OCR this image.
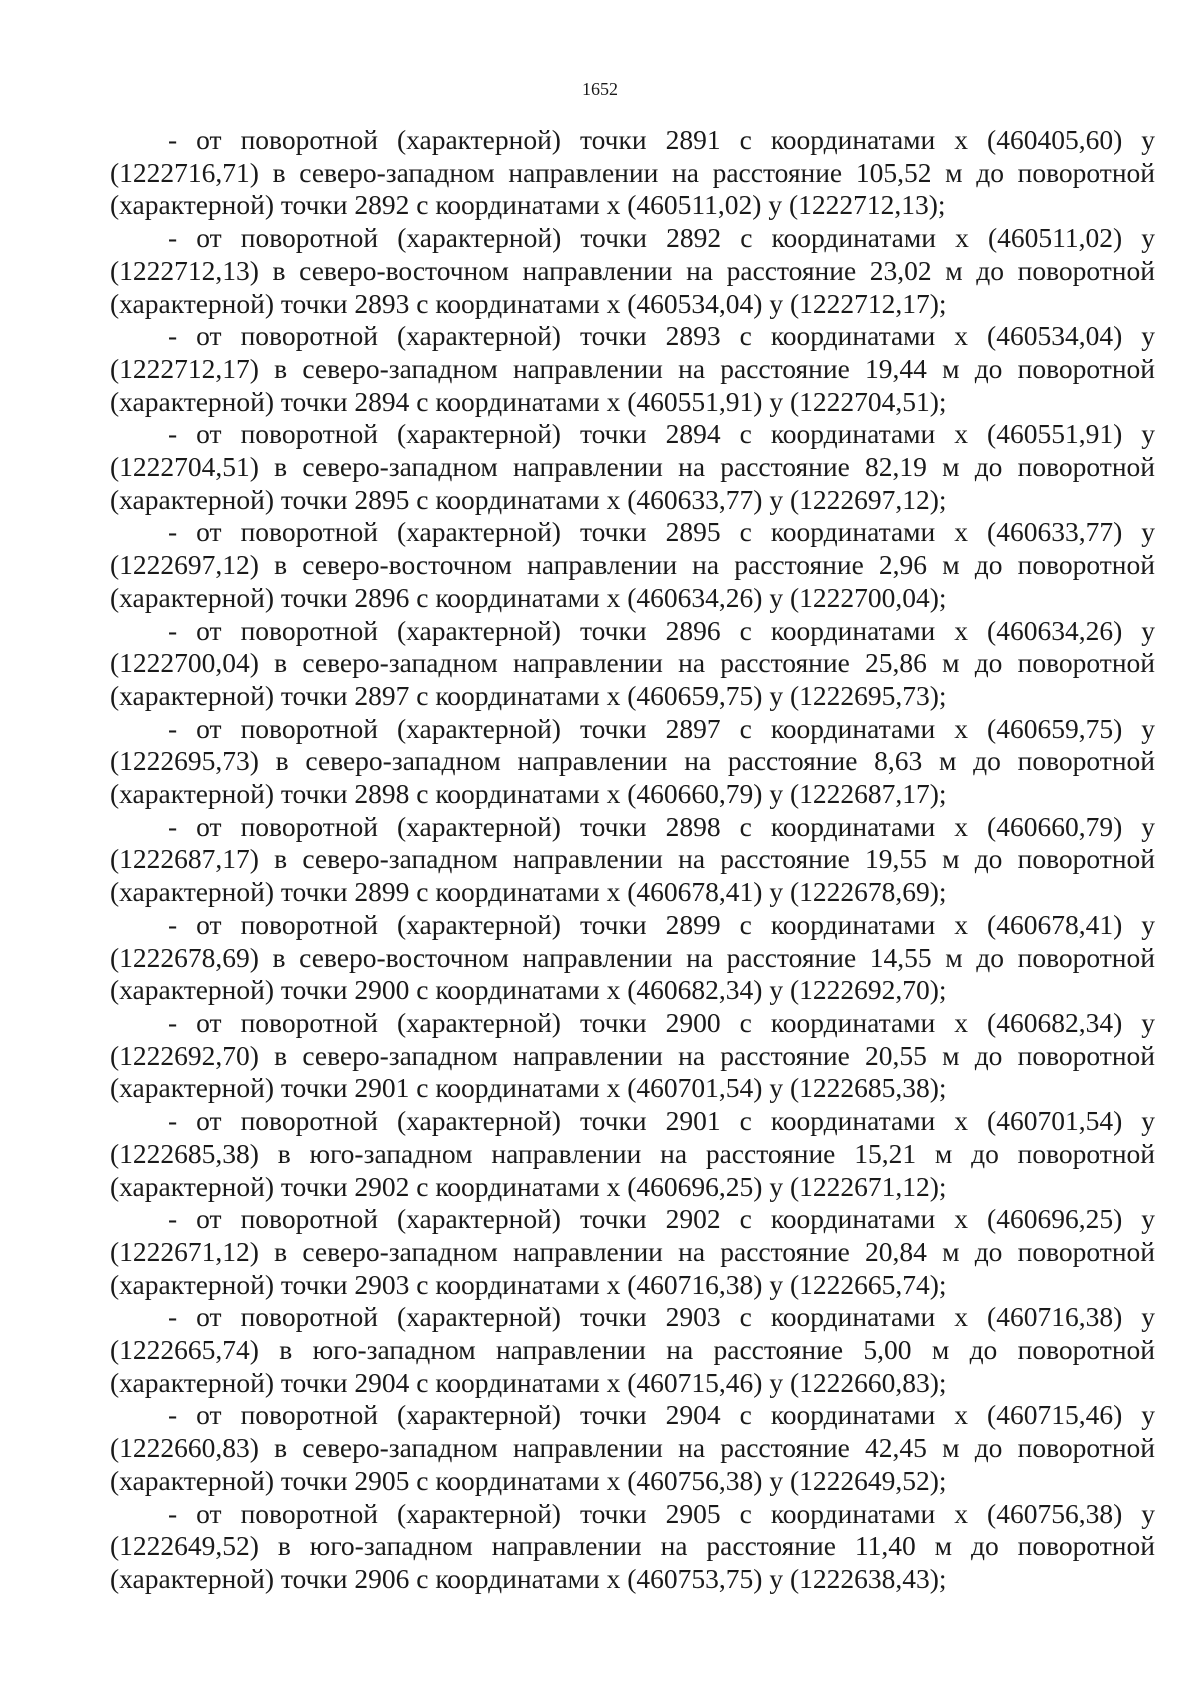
1652

- от поворотной (характерной) точки 2891 с координатами х (460405,60) у (1222716,71) в северо-западном направлении на расстояние 105,52 м до поворотной (характерной) точки 2892 с координатами х (460511,02) у (1222712,13);

- от поворотной (характерной) точки 2892 с координатами х (460511,02) у (1222712,13) в северо-восточном направлении на расстояние 23,02 м до поворотной (характерной) точки 2893 с координатами х (460534,04) у (1222712,17);

- от поворотной (характерной) точки 2893 с координатами х (460534,04) у (1222712,17) в северо-западном направлении на расстояние 19,44 м до поворотной (характерной) точки 2894 с координатами х (460551,91) у (1222704,51);

- от поворотной (характерной) точки 2894 с координатами х (460551,91) у (1222704,51) в северо-западном направлении на расстояние 82,19 м до поворотной (характерной) точки 2895 с координатами х (460633,77) у (1222697,12);

- от поворотной (характерной) точки 2895 с координатами х (460633,77) у (1222697,12) в северо-восточном направлении на расстояние 2,96 м до поворотной (характерной) точки 2896 с координатами х (460634,26) у (1222700,04);

- от поворотной (характерной) точки 2896 с координатами х (460634,26) у (1222700,04) в северо-западном направлении на расстояние 25,86 м до поворотной (характерной) точки 2897 с координатами х (460659,75) у (1222695,73);

- от поворотной (характерной) точки 2897 с координатами х (460659,75) у (1222695,73) в северо-западном направлении на расстояние 8,63 м до поворотной (характерной) точки 2898 с координатами х (460660,79) у (1222687,17);

- от поворотной (характерной) точки 2898 с координатами х (460660,79) у (1222687,17) в северо-западном направлении на расстояние 19,55 м до поворотной (характерной) точки 2899 с координатами х (460678,41) у (1222678,69);

- от поворотной (характерной) точки 2899 с координатами х (460678,41) у (1222678,69) в северо-восточном направлении на расстояние 14,55 м до поворотной (характерной) точки 2900 с координатами х (460682,34) у (1222692,70);

- от поворотной (характерной) точки 2900 с координатами х (460682,34) у (1222692,70) в северо-западном направлении на расстояние 20,55 м до поворотной (характерной) точки 2901 с координатами х (460701,54) у (1222685,38);

- от поворотной (характерной) точки 2901 с координатами х (460701,54) у (1222685,38) в юго-западном направлении на расстояние 15,21 м до поворотной (характерной) точки 2902 с координатами х (460696,25) у (1222671,12);

- от поворотной (характерной) точки 2902 с координатами х (460696,25) у (1222671,12) в северо-западном направлении на расстояние 20,84 м до поворотной (характерной) точки 2903 с координатами х (460716,38) у (1222665,74);

- от поворотной (характерной) точки 2903 с координатами х (460716,38) у (1222665,74) в юго-западном направлении на расстояние 5,00 м до поворотной (характерной) точки 2904 с координатами х (460715,46) у (1222660,83);

- от поворотной (характерной) точки 2904 с координатами х (460715,46) у (1222660,83) в северо-западном направлении на расстояние 42,45 м до поворотной (характерной) точки 2905 с координатами х (460756,38) у (1222649,52);

- от поворотной (характерной) точки 2905 с координатами х (460756,38) у (1222649,52) в юго-западном направлении на расстояние 11,40 м до поворотной (характерной) точки 2906 с координатами х (460753,75) у (1222638,43);
